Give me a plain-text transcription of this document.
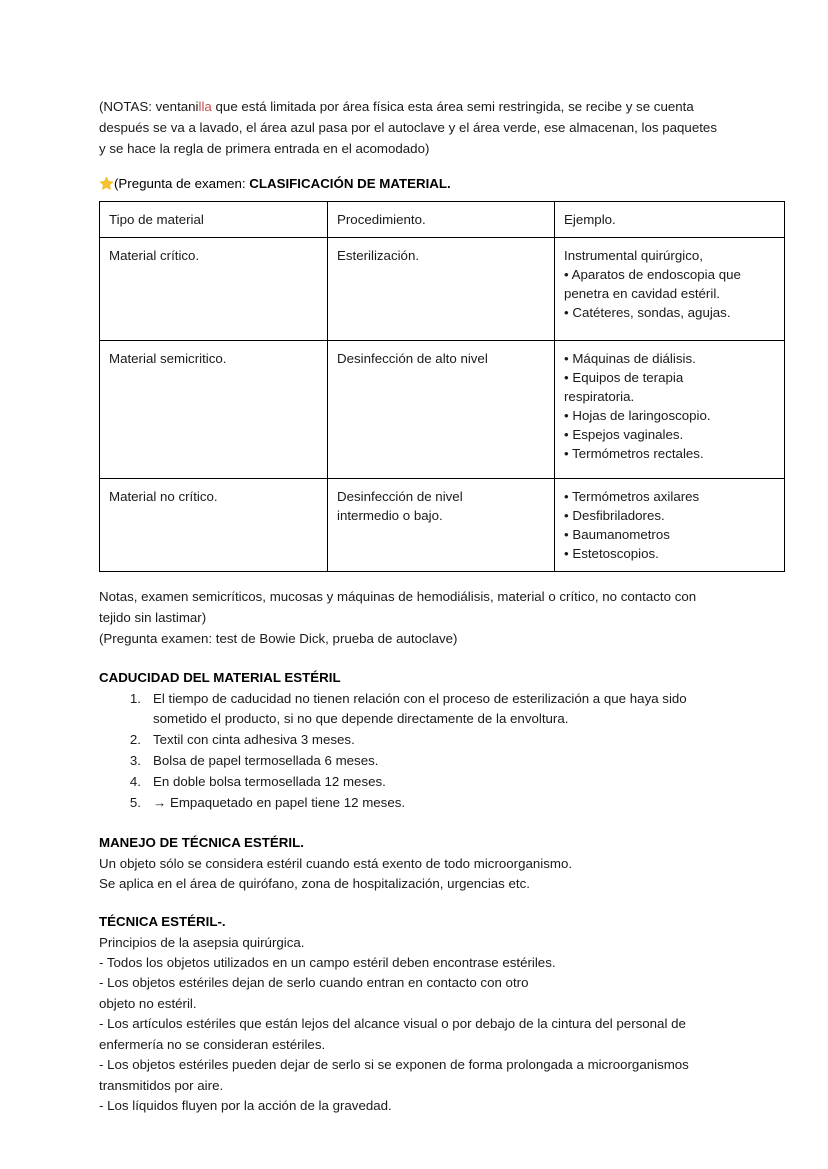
(NOTAS: ventanilla que está limitada por área física esta área semi restringida, se recibe y se cuenta después se va a lavado, el área azul pasa por el autoclave y el área verde, ese almacenan, los paquetes y se hace la regla de primera entrada en el acomodado)

(Pregunta de examen: CLASIFICACIÓN DE MATERIAL.
Tipo de material	Procedimiento.	Ejemplo.
Material crítico.	Esterilización.	Instrumental quirúrgico,
• Aparatos de endoscopia que
penetra en cavidad estéril.
• Catéteres, sondas, agujas.

Material semicritico.	Desinfección de alto nivel	• Máquinas de diálisis.
• Equipos de terapia
respiratoria.
• Hojas de laringoscopio.
• Espejos vaginales.
• Termómetros rectales.

Material no crítico.	Desinfección de nivel
intermedio o bajo.	• Termómetros axilares
• Desfibriladores.
• Baumanometros
• Estetoscopios.

Notas, examen semicríticos, mucosas y máquinas de hemodiálisis, material o crítico, no contacto con tejido sin lastimar)

(Pregunta examen: test de Bowie Dick, prueba de autoclave)

CADUCIDAD DEL MATERIAL ESTÉRIL
1. El tiempo de caducidad no tienen relación con el proceso de esterilización a que haya sido sometido el producto, si no que depende directamente de la envoltura.
2. Textil con cinta adhesiva 3 meses.
3. Bolsa de papel termosellada 6 meses.
4. En doble bolsa termosellada 12 meses.
5. → Empaquetado en papel tiene 12 meses.
MANEJO DE TÉCNICA ESTÉRIL.

Un objeto sólo se considera estéril cuando está exento de todo microorganismo.

Se aplica en el área de quirófano, zona de hospitalización, urgencias etc.

TÉCNICA ESTÉRIL-.

Principios de la asepsia quirúrgica.

- Todos los objetos utilizados en un campo estéril deben encontrase estériles.

- Los objetos estériles dejan de serlo cuando entran en contacto con otro

objeto no estéril.

- Los artículos estériles que están lejos del alcance visual o por debajo de la cintura del personal de enfermería no se consideran estériles.

- Los objetos estériles pueden dejar de serlo si se exponen de forma prolongada a microorganismos transmitidos por aire.

- Los líquidos fluyen por la acción de la gravedad.
